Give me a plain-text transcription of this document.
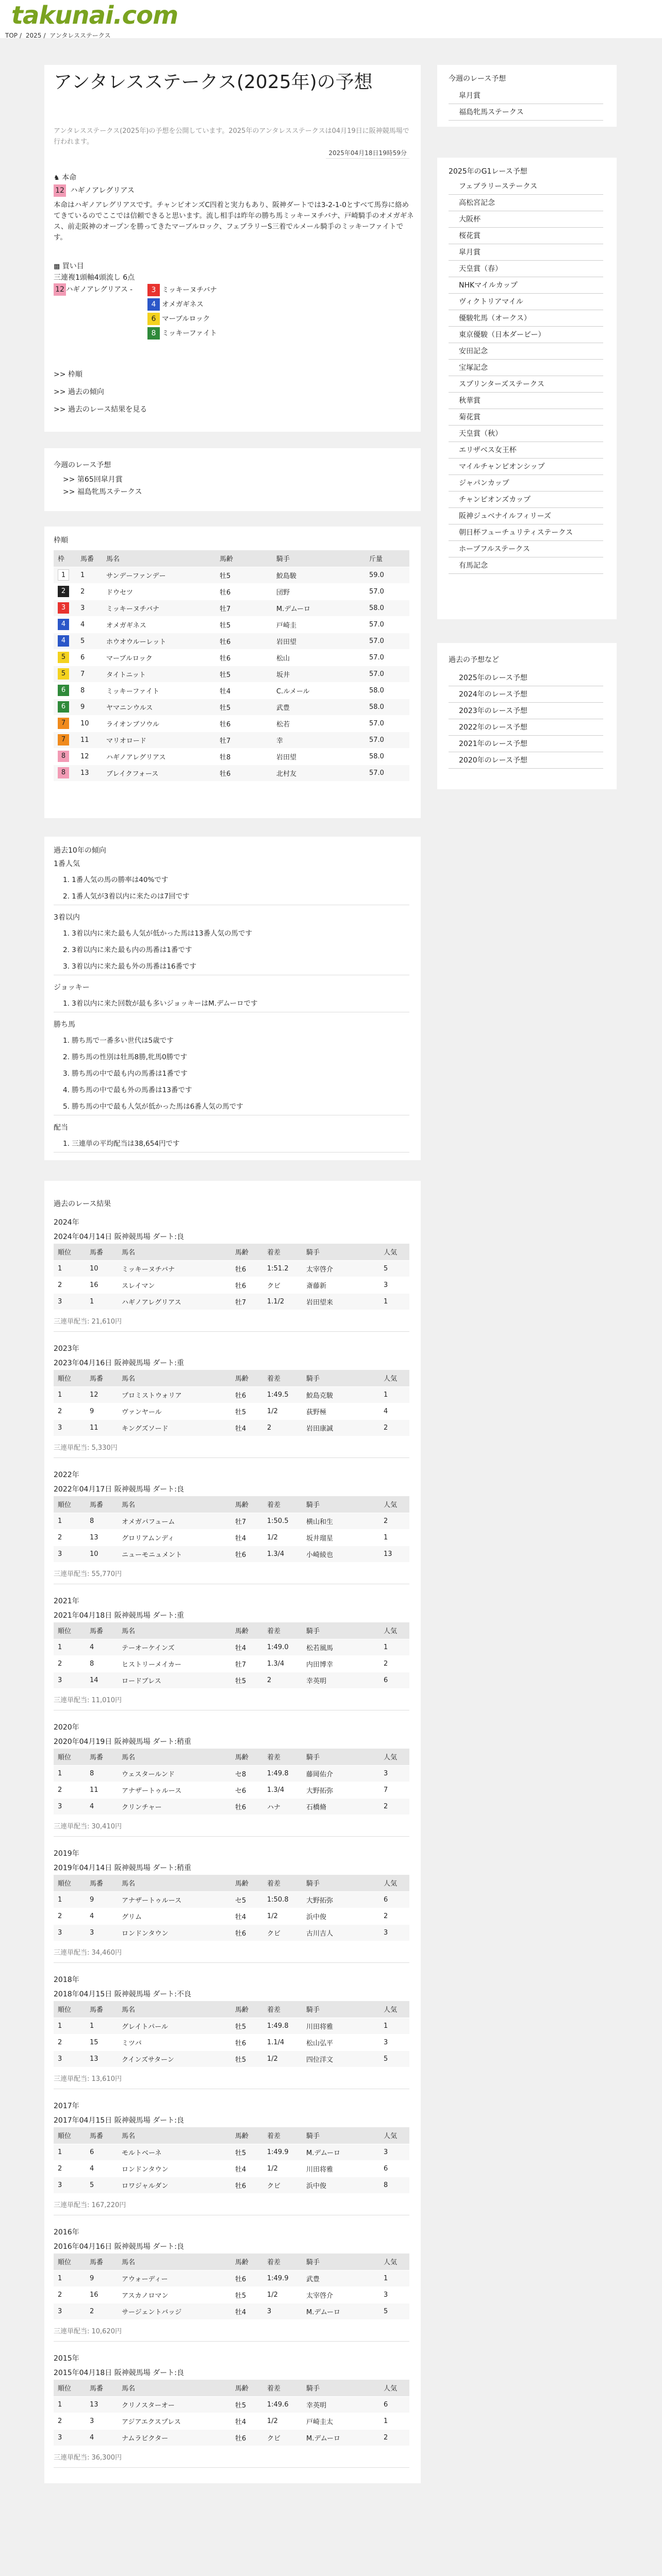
takunai.com
TOP / 2025 / アンタレスステークス
アンタレスステークス(2025年)の予想
アンタレスステークス(2025年)の予想を公開しています。2025年のアンタレスステークスは04月19日に阪神競馬場で行われます。
2025年04月18日19時59分
♞ 本命
12 ハギノアレグリアス
本命はハギノアレグリアスです。チャンピオンズC四着と実力もあり、阪神ダートでは3-2-1-0とすべて馬券に絡めてきているのでここでは信頼できると思います。流し相手は昨年の勝ち馬ミッキーヌチバナ、戸崎騎手のオメガギネス、前走阪神のオープンを勝ってきたマーブルロック、フェブラリーS三着でルメール騎手のミッキーファイトです。
▩ 買い目
三連複1頭軸4頭流し 6点
12 ハギノアレグリアス -	3 ミッキーヌチバナ
4 オメガギネス
6 マーブルロック
8 ミッキーファイト
>> 枠順
>> 過去の傾向
>> 過去のレース結果を見る
今週のレース予想
>> 第65回皐月賞
>> 福島牝馬ステークス
枠順
枠	馬番	馬名	馬齢	騎手	斤量
1	1	サンデーファンデー	牡5	鮫島駿	59.0
2	2	ドウセツ	牡6	団野	57.0
3	3	ミッキーヌチバナ	牡7	M.デムーロ	58.0
4	4	オメガギネス	牡5	戸崎圭	57.0
4	5	ホウオウルーレット	牡6	岩田望	57.0
5	6	マーブルロック	牡6	松山	57.0
5	7	タイトニット	牡5	坂井	57.0
6	8	ミッキーファイト	牡4	C.ルメール	58.0
6	9	ヤマニンウルス	牡5	武豊	58.0
7	10	ライオンブソウル	牡6	松若	57.0
7	11	マリオロード	牡7	幸	57.0
8	12	ハギノアレグリアス	牡8	岩田望	58.0
8	13	ブレイクフォース	牡6	北村友	57.0
過去10年の傾向
1番人気
1. 1番人気の馬の勝率は40%です
2. 1番人気が3着以内に来たのは7回です
3着以内
1. 3着以内に来た最も人気が低かった馬は13番人気の馬です
2. 3着以内に来た最も内の馬番は1番です
3. 3着以内に来た最も外の馬番は16番です
ジョッキー
1. 3着以内に来た回数が最も多いジョッキーはM.デムーロです
勝ち馬
1. 勝ち馬で一番多い世代は5歳です
2. 勝ち馬の性別は牡馬8勝,牝馬0勝です
3. 勝ち馬の中で最も内の馬番は1番です
4. 勝ち馬の中で最も外の馬番は13番です
5. 勝ち馬の中で最も人気が低かった馬は6番人気の馬です
配当
1. 三連単の平均配当は38,654円です
過去のレース結果
2024年
2024年04月14日 阪神競馬場 ダート:良
順位	馬番	馬名	馬齢	着差	騎手	人気
1	10	ミッキーヌチバナ	牡6	1:51.2	太宰啓介	5
2	16	スレイマン	牡6	クビ	斎藤新	3
3	1	ハギノアレグリアス	牡7	1.1/2	岩田望来	1
三連単配当: 21,610円
2023年
2023年04月16日 阪神競馬場 ダート:重
順位	馬番	馬名	馬齢	着差	騎手	人気
1	12	プロミストウォリア	牡6	1:49.5	鮫島克駿	1
2	9	ヴァンヤール	牡5	1/2	荻野極	4
3	11	キングズソード	牡4	2	岩田康誠	2
三連単配当: 5,330円
2022年
2022年04月17日 阪神競馬場 ダート:良
順位	馬番	馬名	馬齢	着差	騎手	人気
1	8	オメガパフューム	牡7	1:50.5	横山和生	2
2	13	グロリアムンディ	牡4	1/2	坂井瑠星	1
3	10	ニューモニュメント	牡6	1.3/4	小崎綾也	13
三連単配当: 55,770円
2021年
2021年04月18日 阪神競馬場 ダート:重
順位	馬番	馬名	馬齢	着差	騎手	人気
1	4	テーオーケインズ	牡4	1:49.0	松若風馬	1
2	8	ヒストリーメイカー	牡7	1.3/4	内田博幸	2
3	14	ロードブレス	牡5	2	幸英明	6
三連単配当: 11,010円
2020年
2020年04月19日 阪神競馬場 ダート:稍重
順位	馬番	馬名	馬齢	着差	騎手	人気
1	8	ウェスタールンド	セ8	1:49.8	藤岡佑介	3
2	11	アナザートゥルース	セ6	1.3/4	大野拓弥	7
3	4	クリンチャー	牡6	ハナ	石橋脩	2
三連単配当: 30,410円
2019年
2019年04月14日 阪神競馬場 ダート:稍重
順位	馬番	馬名	馬齢	着差	騎手	人気
1	9	アナザートゥルース	セ5	1:50.8	大野拓弥	6
2	4	グリム	牡4	1/2	浜中俊	2
3	3	ロンドンタウン	牡6	クビ	古川吉人	3
三連単配当: 34,460円
2018年
2018年04月15日 阪神競馬場 ダート:不良
順位	馬番	馬名	馬齢	着差	騎手	人気
1	1	グレイトパール	牡5	1:49.8	川田将雅	1
2	15	ミツバ	牡6	1.1/4	松山弘平	3
3	13	クインズサターン	牡5	1/2	四位洋文	5
三連単配当: 13,610円
2017年
2017年04月15日 阪神競馬場 ダート:良
順位	馬番	馬名	馬齢	着差	騎手	人気
1	6	モルトベーネ	牡5	1:49.9	M.デムーロ	3
2	4	ロンドンタウン	牡4	1/2	川田将雅	6
3	5	ロワジャルダン	牡6	クビ	浜中俊	8
三連単配当: 167,220円
2016年
2016年04月16日 阪神競馬場 ダート:良
順位	馬番	馬名	馬齢	着差	騎手	人気
1	9	アウォーディー	牡6	1:49.9	武豊	1
2	16	アスカノロマン	牡5	1/2	太宰啓介	3
3	2	サージェントバッジ	牡4	3	M.デムーロ	5
三連単配当: 10,620円
2015年
2015年04月18日 阪神競馬場 ダート:良
順位	馬番	馬名	馬齢	着差	騎手	人気
1	13	クリノスターオー	牡5	1:49.6	幸英明	6
2	3	アジアエクスプレス	牡4	1/2	戸崎圭太	1
3	4	ナムラビクター	牡6	クビ	M.デムーロ	2
三連単配当: 36,300円
今週のレース予想
皐月賞
福島牝馬ステークス
2025年のG1レース予想
フェブラリーステークス
高松宮記念
大阪杯
桜花賞
皐月賞
天皇賞（春）
NHKマイルカップ
ヴィクトリアマイル
優駿牝馬（オークス）
東京優駿（日本ダービー）
安田記念
宝塚記念
スプリンターズステークス
秋華賞
菊花賞
天皇賞（秋）
エリザベス女王杯
マイルチャンピオンシップ
ジャパンカップ
チャンピオンズカップ
阪神ジュベナイルフィリーズ
朝日杯フューチュリティステークス
ホープフルステークス
有馬記念
過去の予想など
2025年のレース予想
2024年のレース予想
2023年のレース予想
2022年のレース予想
2021年のレース予想
2020年のレース予想
